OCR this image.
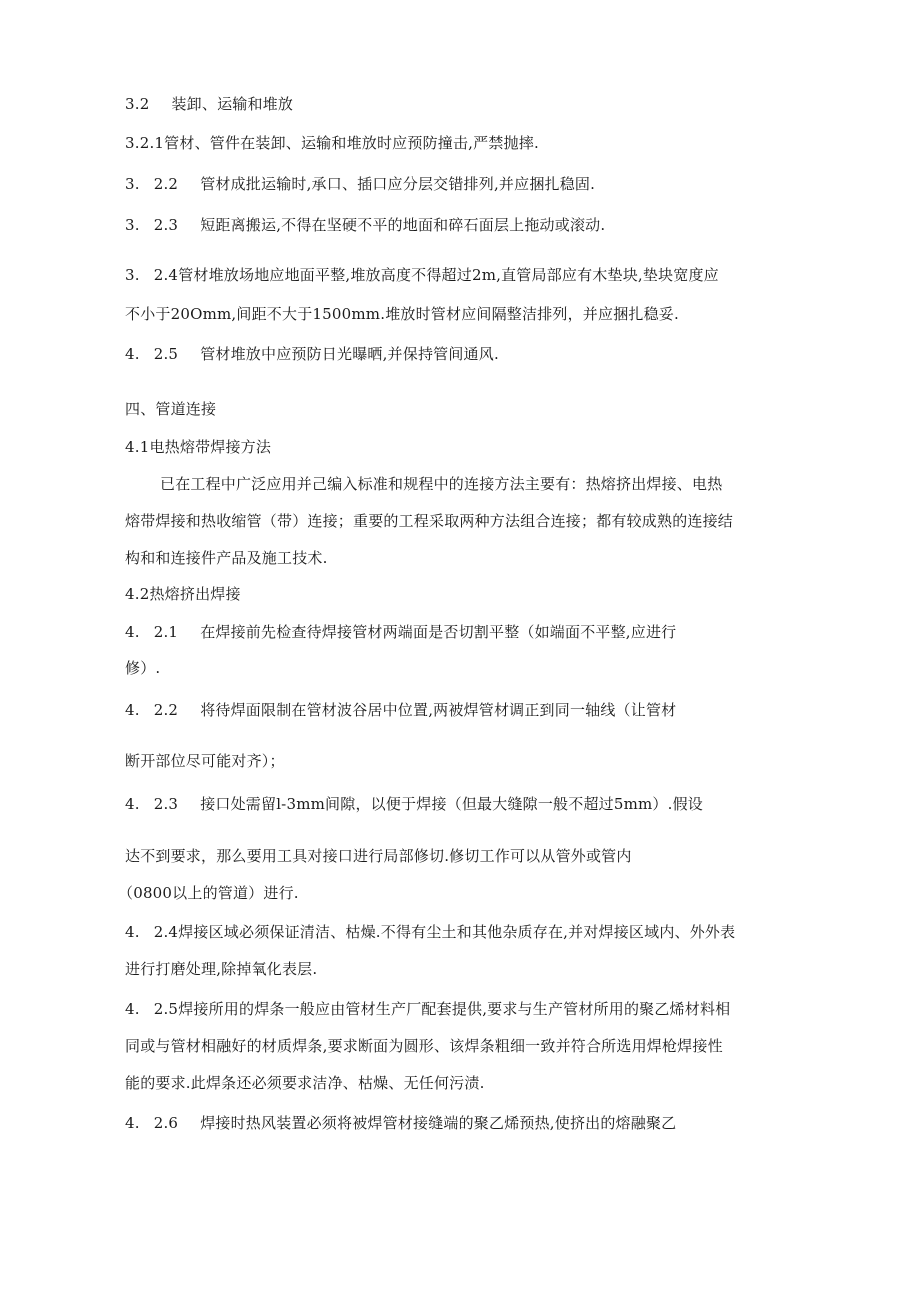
3.2 装卸、运输和堆放
3.2.1管材、管件在装卸、运输和堆放时应预防撞击,严禁抛摔.
3. 2.2 管材成批运输时,承口、插口应分层交错排列,并应捆扎稳固.
3. 2.3 短距离搬运,不得在坚硬不平的地面和碎石面层上拖动或滚动.
3. 2.4管材堆放场地应地面平整,堆放高度不得超过2m,直管局部应有木垫块,垫块宽度应
不小于20Omm,间距不大于1500mm.堆放时管材应间隔整洁排列，并应捆扎稳妥.
4. 2.5 管材堆放中应预防日光曝晒,并保持管间通风.
四、管道连接
4.1电热熔带焊接方法
已在工程中广泛应用并己编入标准和规程中的连接方法主要有：热熔挤出焊接、电热
熔带焊接和热收缩管（带）连接；重要的工程采取两种方法组合连接；都有较成熟的连接结
构和和连接件产品及施工技术.
4.2热熔挤出焊接
4. 2.1 在焊接前先检查待焊接管材两端面是否切割平整（如端面不平整,应进行
修）.
4. 2.2 将待焊面限制在管材波谷居中位置,两被焊管材调正到同一轴线（让管材
断开部位尽可能对齐）；
4. 2.3 接口处需留l-3mm间隙，以便于焊接（但最大缝隙一般不超过5mm）.假设
达不到要求，那么要用工具对接口进行局部修切.修切工作可以从管外或管内
（0800以上的管道）进行.
4. 2.4焊接区域必须保证清洁、枯燥.不得有尘土和其他杂质存在,并对焊接区域内、外外表
进行打磨处理,除掉氧化表层.
4. 2.5焊接所用的焊条一般应由管材生产厂配套提供,要求与生产管材所用的聚乙烯材料相
同或与管材相融好的材质焊条,要求断面为圆形、该焊条粗细一致并符合所选用焊枪焊接性
能的要求.此焊条还必须要求洁净、枯燥、无任何污渍.
4. 2.6 焊接时热风装置必须将被焊管材接缝端的聚乙烯预热,使挤出的熔融聚乙
